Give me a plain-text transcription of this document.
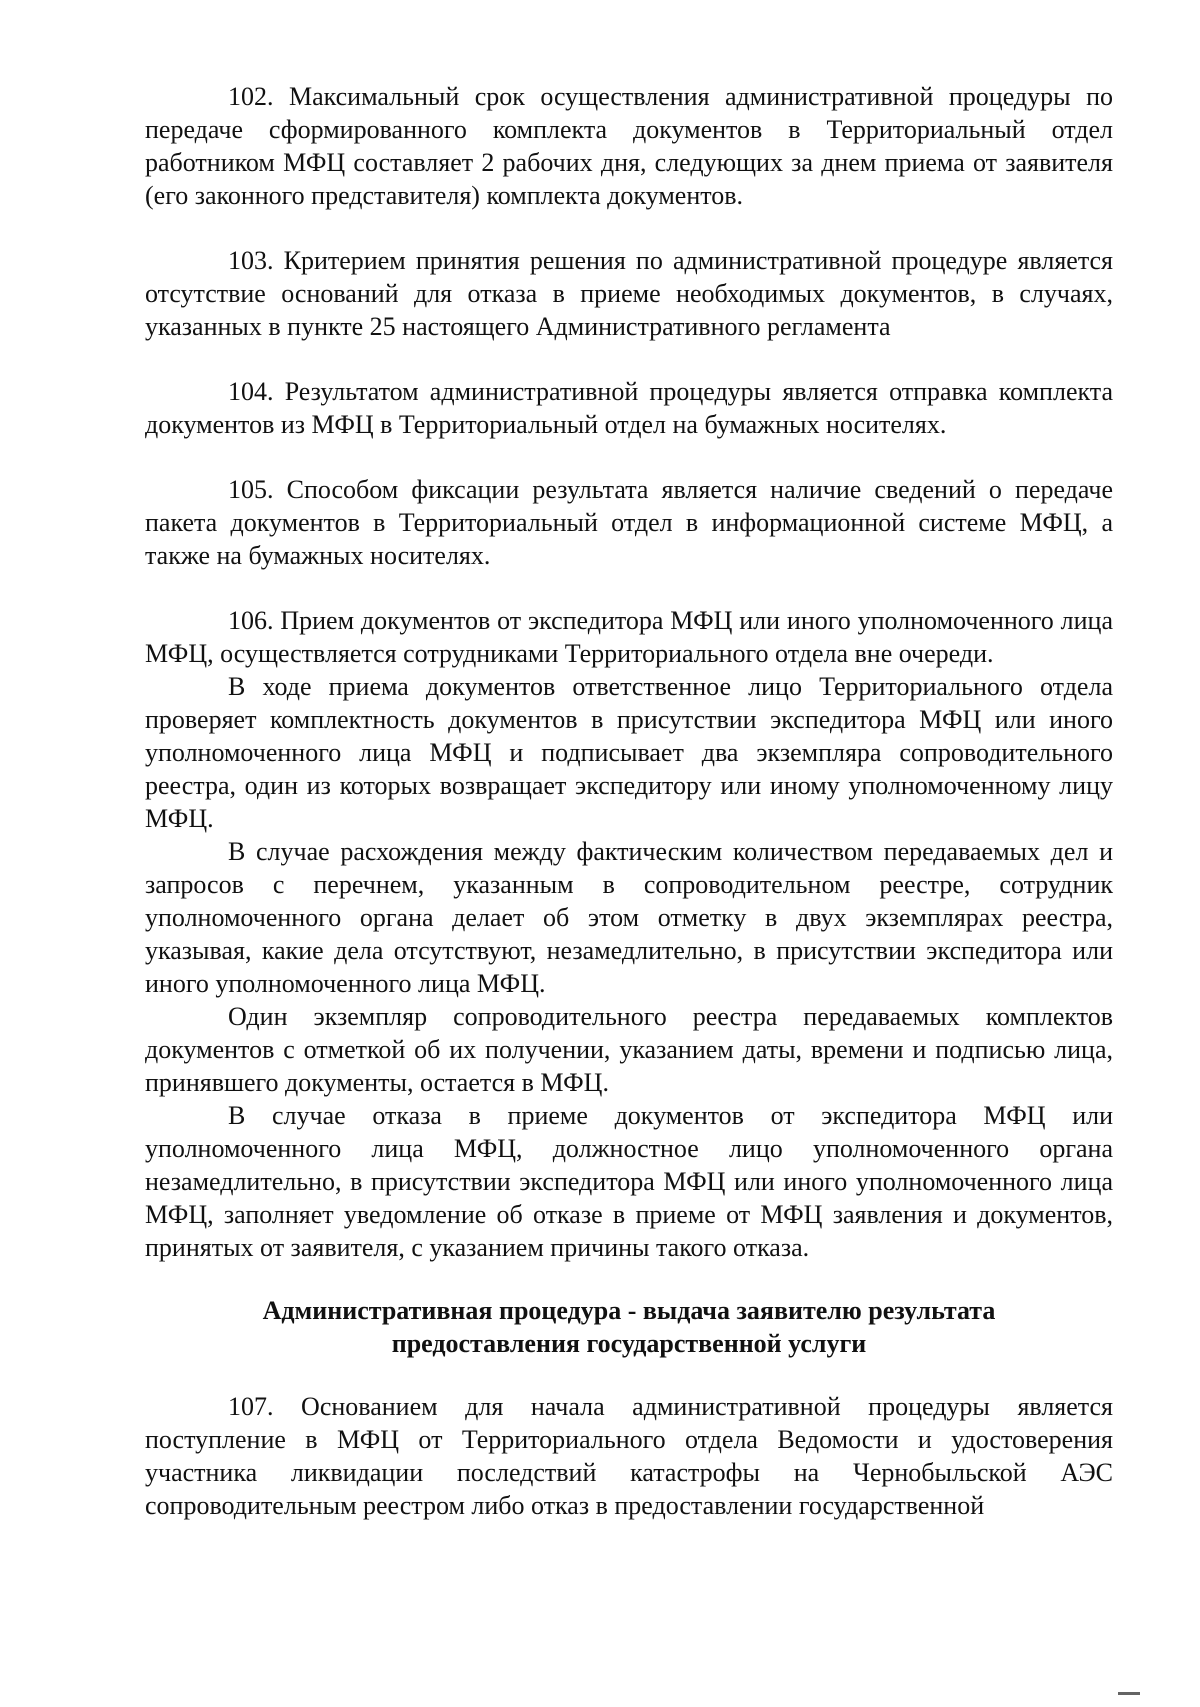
102. Максимальный срок осуществления административной процедуры по передаче сформированного комплекта документов в Территориальный отдел работником МФЦ составляет 2 рабочих дня, следующих за днем приема от заявителя (его законного представителя) комплекта документов.

103. Критерием принятия решения по административной процедуре является отсутствие оснований для отказа в приеме необходимых документов, в случаях, указанных в пункте 25 настоящего Административного регламента

104. Результатом административной процедуры является отправка комплекта документов из МФЦ в Территориальный отдел на бумажных носителях.

105. Способом фиксации результата является наличие сведений о передаче пакета документов в Территориальный отдел в информационной системе МФЦ, а также на бумажных носителях.

106. Прием документов от экспедитора МФЦ или иного уполномоченного лица МФЦ, осуществляется сотрудниками Территориального отдела вне очереди.

В ходе приема документов ответственное лицо Территориального отдела проверяет комплектность документов в присутствии экспедитора МФЦ или иного уполномоченного лица МФЦ и подписывает два экземпляра сопроводительного реестра, один из которых возвращает экспедитору или иному уполномоченному лицу МФЦ.

В случае расхождения между фактическим количеством передаваемых дел и запросов с перечнем, указанным в сопроводительном реестре, сотрудник уполномоченного органа делает об этом отметку в двух экземплярах реестра, указывая, какие дела отсутствуют, незамедлительно, в присутствии экспедитора или иного уполномоченного лица МФЦ.

Один экземпляр сопроводительного реестра передаваемых комплектов документов с отметкой об их получении, указанием даты, времени и подписью лица, принявшего документы, остается в МФЦ.

В случае отказа в приеме документов от экспедитора МФЦ или уполномоченного лица МФЦ, должностное лицо уполномоченного органа незамедлительно, в присутствии экспедитора МФЦ или иного уполномоченного лица МФЦ, заполняет уведомление об отказе в приеме от МФЦ заявления и документов, принятых от заявителя, с указанием причины такого отказа.

Административная процедура - выдача заявителю результата
предоставления государственной услуги

107. Основанием для начала административной процедуры является поступление в МФЦ от Территориального отдела Ведомости и удостоверения участника ликвидации последствий катастрофы на Чернобыльской АЭС сопроводительным реестром либо отказ в предоставлении государственной
